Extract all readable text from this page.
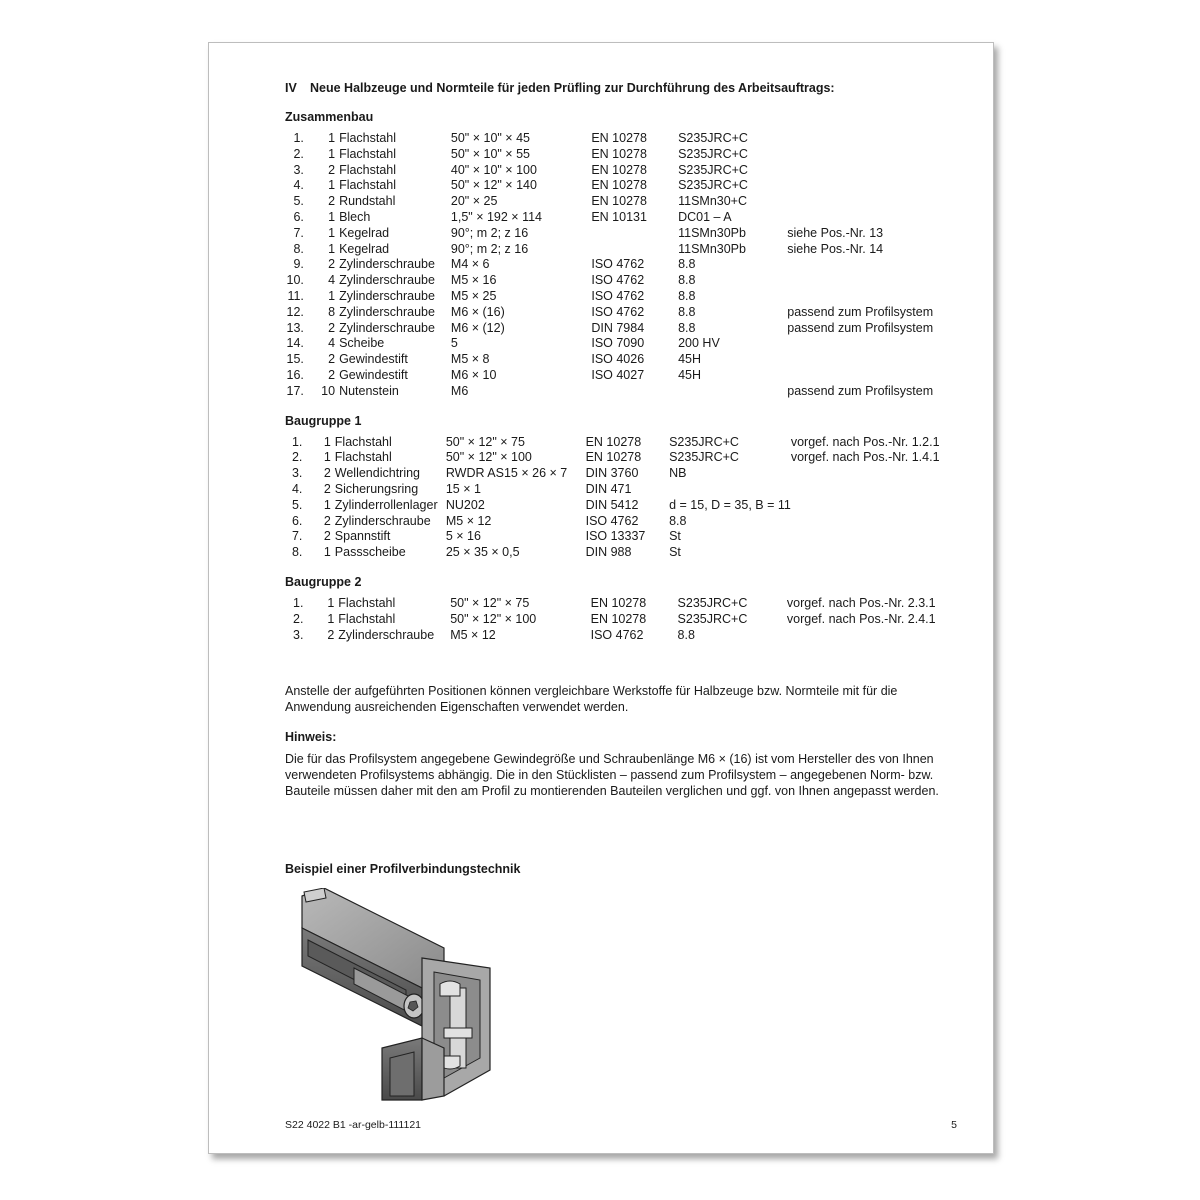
IV Neue Halbzeuge und Normteile für jeden Prüfling zur Durchführung des Arbeitsauftrags:
Zusammenbau
1.	1	Flachstahl	50" × 10" × 45	EN 10278	S235JRC+C	
2.	1	Flachstahl	50" × 10" × 55	EN 10278	S235JRC+C	
3.	2	Flachstahl	40" × 10" × 100	EN 10278	S235JRC+C	
4.	1	Flachstahl	50" × 12" × 140	EN 10278	S235JRC+C	
5.	2	Rundstahl	20" × 25	EN 10278	11SMn30+C	
6.	1	Blech	1,5" × 192 × 114	EN 10131	DC01 – A	
7.	1	Kegelrad	90°; m 2; z 16		11SMn30Pb	siehe Pos.-Nr. 13
8.	1	Kegelrad	90°; m 2; z 16		11SMn30Pb	siehe Pos.-Nr. 14
9.	2	Zylinderschraube	M4 × 6	ISO 4762	8.8	
10.	4	Zylinderschraube	M5 × 16	ISO 4762	8.8	
11.	1	Zylinderschraube	M5 × 25	ISO 4762	8.8	
12.	8	Zylinderschraube	M6 × (16)	ISO 4762	8.8	passend zum Profilsystem
13.	2	Zylinderschraube	M6 × (12)	DIN 7984	8.8	passend zum Profilsystem
14.	4	Scheibe	5	ISO 7090	200 HV	
15.	2	Gewindestift	M5 × 8	ISO 4026	45H	
16.	2	Gewindestift	M6 × 10	ISO 4027	45H	
17.	10	Nutenstein	M6			passend zum Profilsystem
Baugruppe 1
1.	1	Flachstahl	50" × 12" × 75	EN 10278	S235JRC+C	vorgef. nach Pos.-Nr. 1.2.1
2.	1	Flachstahl	50" × 12" × 100	EN 10278	S235JRC+C	vorgef. nach Pos.-Nr. 1.4.1
3.	2	Wellendichtring	RWDR AS15 × 26 × 7	DIN 3760	NB	
4.	2	Sicherungsring	15 × 1	DIN 471		
5.	1	Zylinderrollenlager	NU202	DIN 5412	d = 15, D = 35, B = 11	
6.	2	Zylinderschraube	M5 × 12	ISO 4762	8.8	
7.	2	Spannstift	5 × 16	ISO 13337	St	
8.	1	Passscheibe	25 × 35 × 0,5	DIN 988	St	
Baugruppe 2
1.	1	Flachstahl	50" × 12" × 75	EN 10278	S235JRC+C	vorgef. nach Pos.-Nr. 2.3.1
2.	1	Flachstahl	50" × 12" × 100	EN 10278	S235JRC+C	vorgef. nach Pos.-Nr. 2.4.1
3.	2	Zylinderschraube	M5 × 12	ISO 4762	8.8	

Anstelle der aufgeführten Positionen können vergleichbare Werkstoffe für Halbzeuge bzw. Normteile mit für die Anwendung ausreichenden Eigenschaften verwendet werden.

Hinweis:

Die für das Profilsystem angegebene Gewindegröße und Schraubenlänge M6 × (16) ist vom Hersteller des von Ihnen verwendeten Profilsystems abhängig. Die in den Stücklisten – passend zum Profilsystem – angegebenen Norm- bzw. Bauteile müssen daher mit den am Profil zu montierenden Bauteilen verglichen und ggf. von Ihnen angepasst werden.

Beispiel einer Profilverbindungstechnik
S22 4022 B1 -ar-gelb-111121	5
